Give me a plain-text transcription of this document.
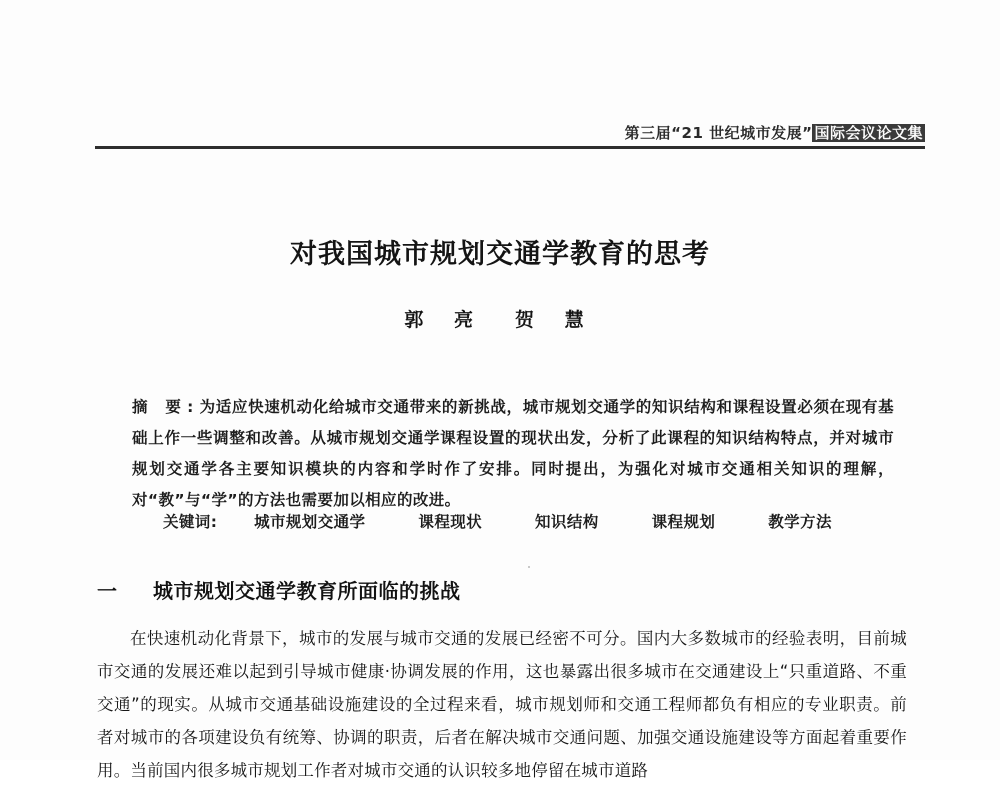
第三届“21 世纪城市发展” 国际会议论文集
对我国城市规划交通学教育的思考
郭 亮 贺 慧
摘 要:为适应快速机动化给城市交通带来的新挑战，城市规划交通学的知识结构和课程设置必须在现有基础上作一些调整和改善。从城市规划交通学课程设置的现状出发，分析了此课程的知识结构特点，并对城市规划交通学各主要知识模块的内容和学时作了安排。同时提出，为强化对城市交通相关知识的理解，对“教”与“学”的方法也需要加以相应的改进。
关键词: 城市规划交通学	课程现状	知识结构	课程规划	教学方法
一 城市规划交通学教育所面临的挑战

在快速机动化背景下，城市的发展与城市交通的发展已经密不可分。国内大多数城市的经验表明，目前城市交通的发展还难以起到引导城市健康·协调发展的作用，这也暴露出很多城市在交通建设上“只重道路、不重交通”的现实。从城市交通基础设施建设的全过程来看，城市规划师和交通工程师都负有相应的专业职责。前者对城市的各项建设负有统筹、协调的职责，后者在解决城市交通问题、加强交通设施建设等方面起着重要作用。当前国内很多城市规划工作者对城市交通的认识较多地停留在城市道路
